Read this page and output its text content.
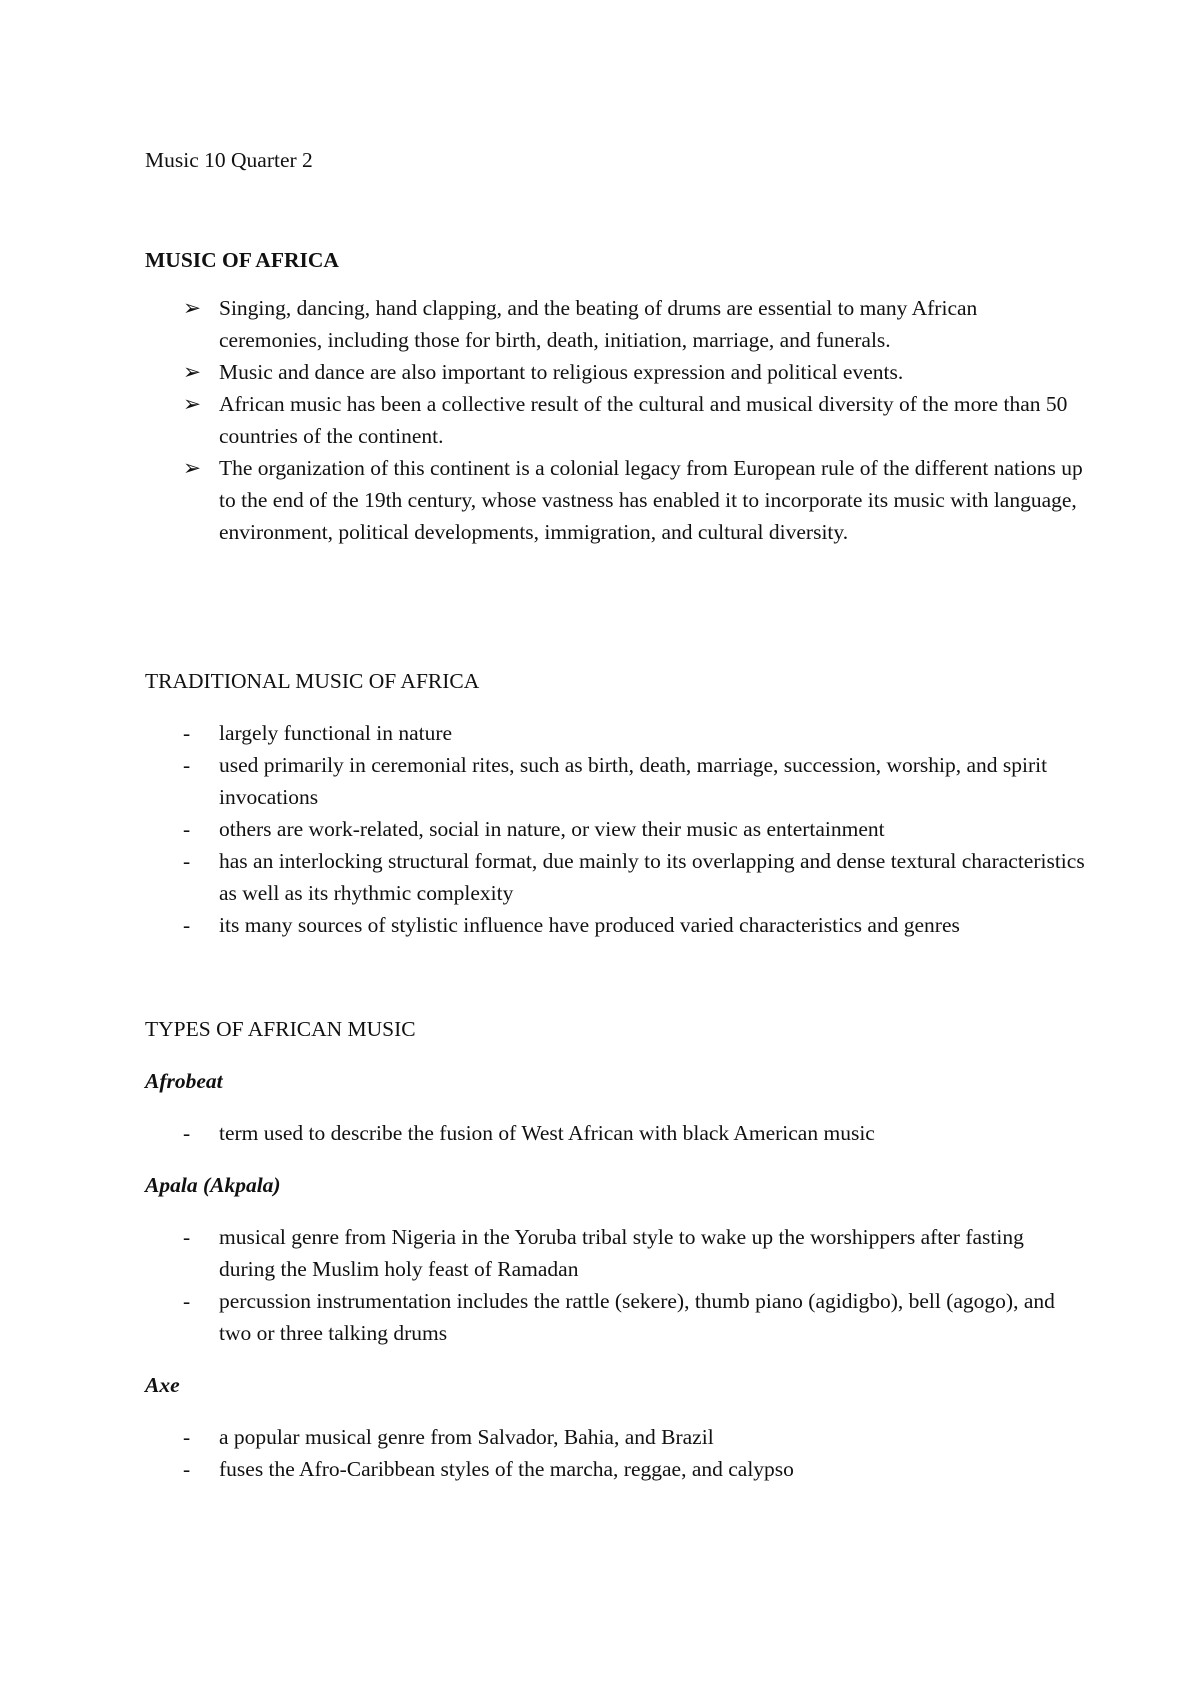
Music 10 Quarter 2
MUSIC OF AFRICA
➢ Singing, dancing, hand clapping, and the beating of drums are essential to many African ceremonies, including those for birth, death, initiation, marriage, and funerals.
➢ Music and dance are also important to religious expression and political events.
➢ African music has been a collective result of the cultural and musical diversity of the more than 50 countries of the continent.
➢ The organization of this continent is a colonial legacy from European rule of the different nations up to the end of the 19th century, whose vastness has enabled it to incorporate its music with language, environment, political developments, immigration, and cultural diversity.
TRADITIONAL MUSIC OF AFRICA
- largely functional in nature
- used primarily in ceremonial rites, such as birth, death, marriage, succession, worship, and spirit invocations
- others are work-related, social in nature, or view their music as entertainment
- has an interlocking structural format, due mainly to its overlapping and dense textural characteristics as well as its rhythmic complexity
- its many sources of stylistic influence have produced varied characteristics and genres
TYPES OF AFRICAN MUSIC
Afrobeat
- term used to describe the fusion of West African with black American music
Apala (Akpala)
- musical genre from Nigeria in the Yoruba tribal style to wake up the worshippers after fasting during the Muslim holy feast of Ramadan
- percussion instrumentation includes the rattle (sekere), thumb piano (agidigbo), bell (agogo), and two or three talking drums
Axe
- a popular musical genre from Salvador, Bahia, and Brazil
- fuses the Afro-Caribbean styles of the marcha, reggae, and calypso
